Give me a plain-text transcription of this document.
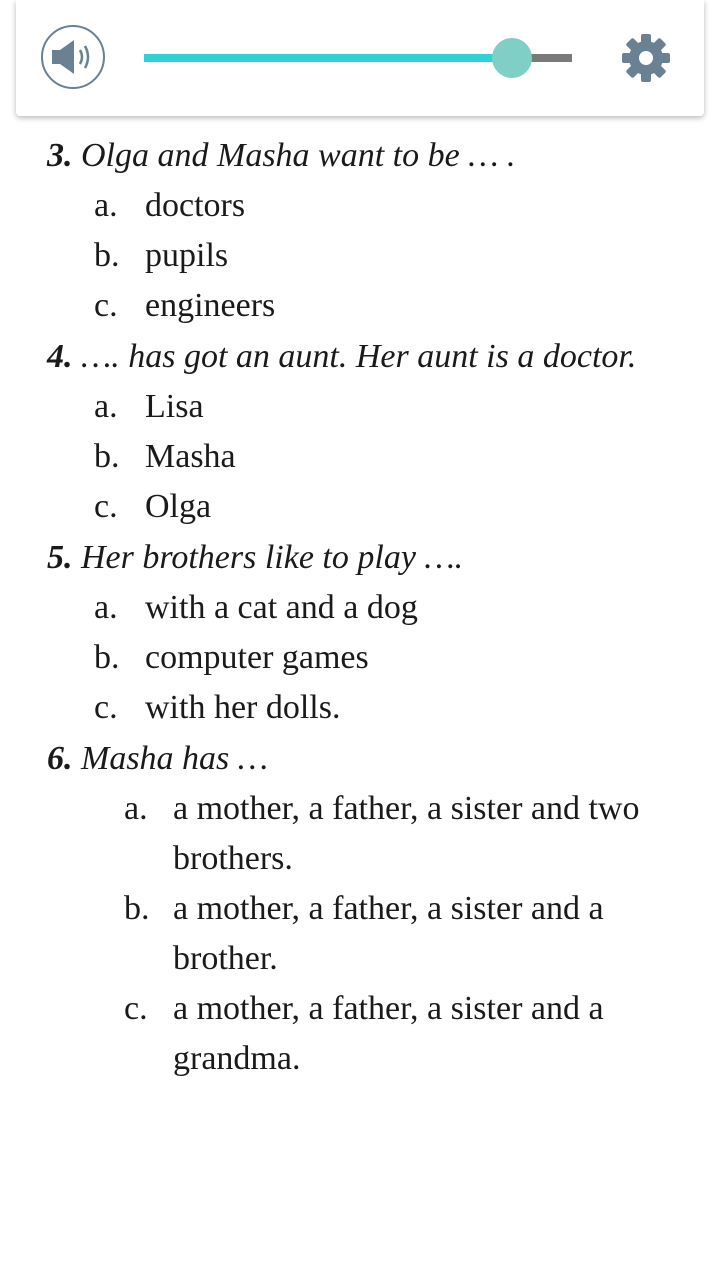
3. Olga and Masha want to be … .

a. doctors
b. pupils
c. engineers

4. …. has got an aunt. Her aunt is a doctor.

a. Lisa
b. Masha
c. Olga

5. Her brothers like to play ….

a. with a cat and a dog
b. computer games
c. with her dolls.

6. Masha has …

a. a mother, a father, a sister and two brothers.
b. a mother, a father, a sister and a brother.
c. a mother, a father, a sister and a grandma.
